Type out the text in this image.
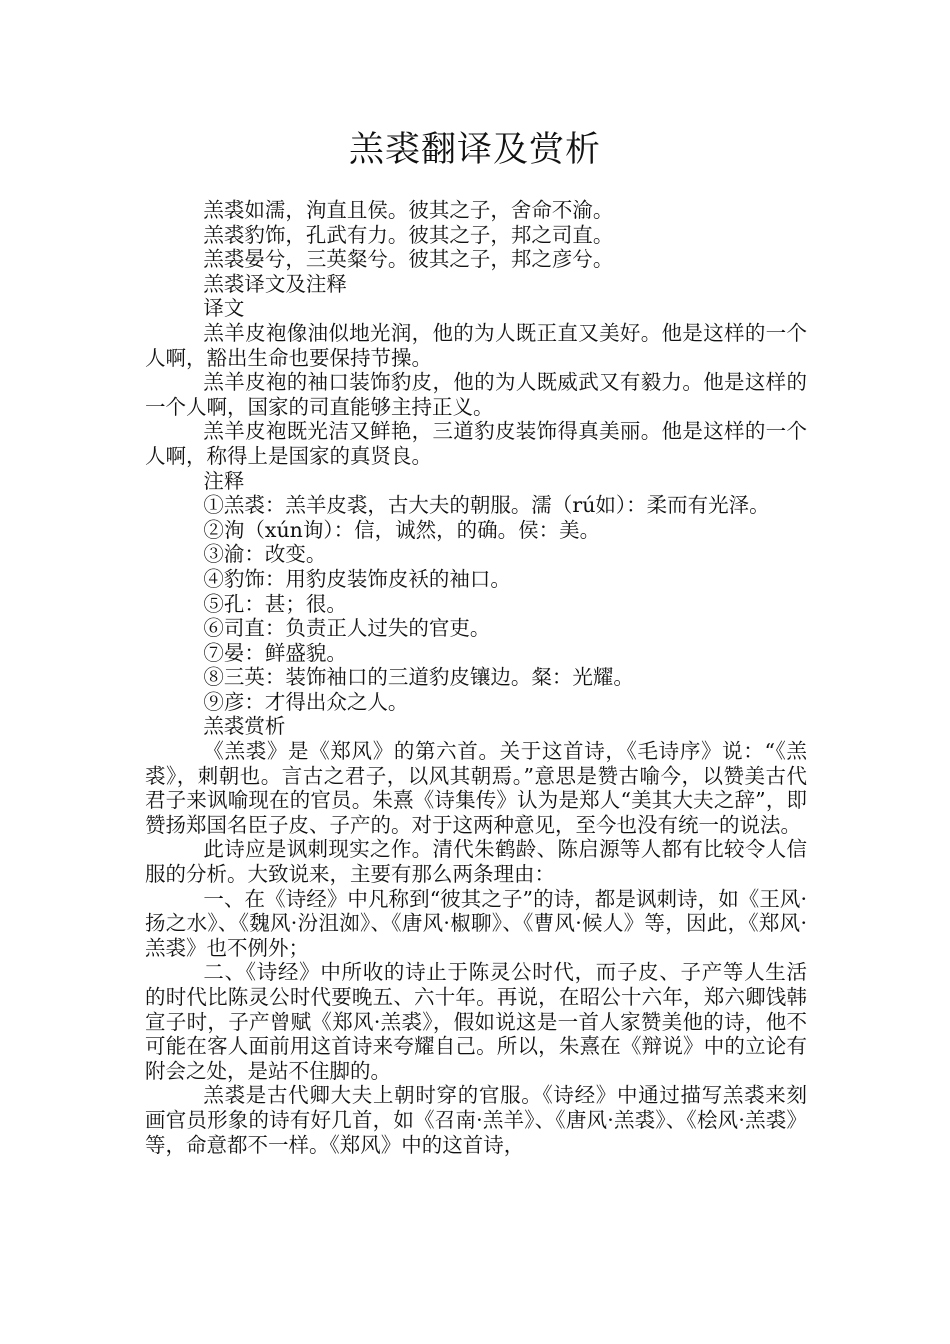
羔裘翻译及赏析

羔裘如濡，洵直且侯。彼其之子，舍命不渝。

羔裘豹饰，孔武有力。彼其之子，邦之司直。

羔裘晏兮，三英粲兮。彼其之子，邦之彦兮。

羔裘译文及注释

译文

羔羊皮袍像油似地光润，他的为人既正直又美好。他是这样的一个人啊，豁出生命也要保持节操。

羔羊皮袍的袖口装饰豹皮，他的为人既威武又有毅力。他是这样的一个人啊，国家的司直能够主持正义。

羔羊皮袍既光洁又鲜艳，三道豹皮装饰得真美丽。他是这样的一个人啊，称得上是国家的真贤良。

注释

①羔裘：羔羊皮裘，古大夫的朝服。濡（rú如）：柔而有光泽。

②洵（xún询）：信，诚然，的确。侯：美。

③渝：改变。

④豹饰：用豹皮装饰皮袄的袖口。

⑤孔：甚；很。

⑥司直：负责正人过失的官吏。

⑦晏：鲜盛貌。

⑧三英：装饰袖口的三道豹皮镶边。粲：光耀。

⑨彦：才得出众之人。

羔裘赏析

《羔裘》是《郑风》的第六首。关于这首诗，《毛诗序》说：“《羔裘》，刺朝也。言古之君子，以风其朝焉。”意思是赞古喻今，以赞美古代君子来讽喻现在的官员。朱熹《诗集传》认为是郑人“美其大夫之辞”，即赞扬郑国名臣子皮、子产的。对于这两种意见，至今也没有统一的说法。

此诗应是讽刺现实之作。清代朱鹤龄、陈启源等人都有比较令人信服的分析。大致说来，主要有那么两条理由：

一、在《诗经》中凡称到“彼其之子”的诗，都是讽刺诗，如《王风·扬之水》、《魏风·汾沮洳》、《唐风·椒聊》、《曹风·候人》等，因此，《郑风·羔裘》也不例外；

二、《诗经》中所收的诗止于陈灵公时代，而子皮、子产等人生活的时代比陈灵公时代要晚五、六十年。再说，在昭公十六年，郑六卿饯韩宣子时，子产曾赋《郑风·羔裘》，假如说这是一首人家赞美他的诗，他不可能在客人面前用这首诗来夸耀自己。所以，朱熹在《辩说》中的立论有附会之处，是站不住脚的。

羔裘是古代卿大夫上朝时穿的官服。《诗经》中通过描写羔裘来刻画官员形象的诗有好几首，如《召南·羔羊》、《唐风·羔裘》、《桧风·羔裘》等，命意都不一样。《郑风》中的这首诗，
